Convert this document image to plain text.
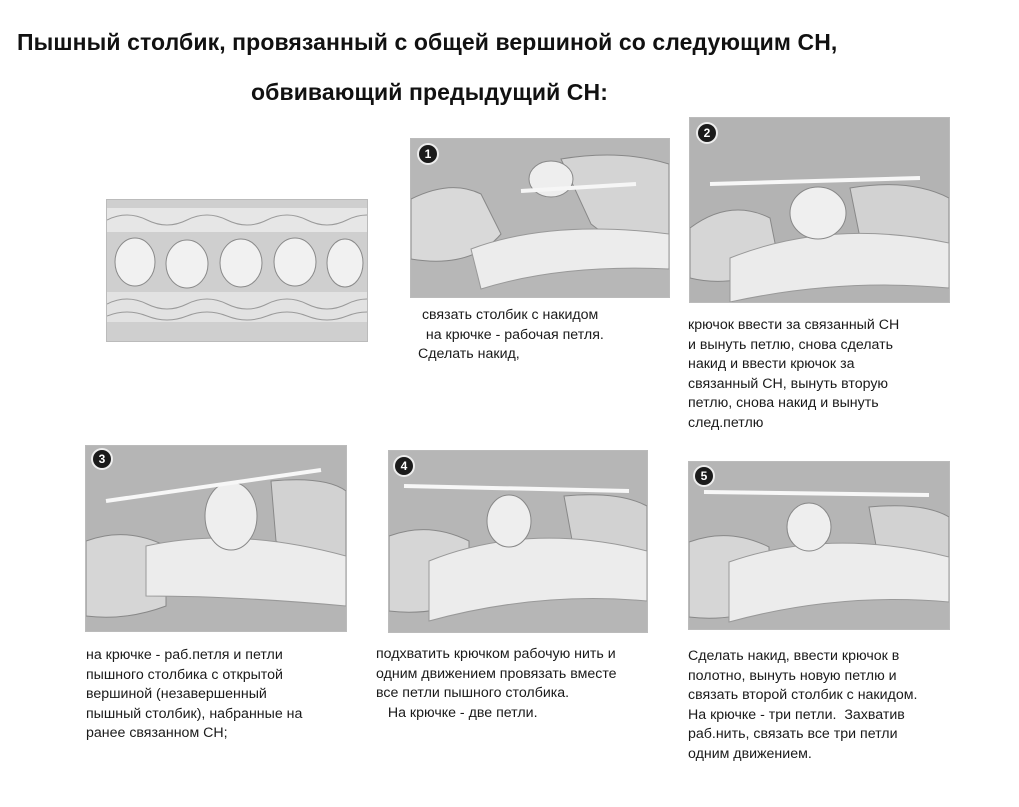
Пышный столбик, провязанный с общей вершиной со следующим СН,
обвивающий предыдущий СН:
1
2
3	4
5
связать столбик с накидом
на крючке - рабочая петля.
Сделать накид,
крючок ввести за связанный СН
и вынуть петлю, снова сделать
накид и ввести крючок за
связанный СН, вынуть вторую
петлю, снова накид и вынуть
след.петлю
на крючке - раб.петля и петли
пышного столбика с открытой
вершиной (незавершенный
пышный столбик), набранные на
ранее связанном СН;
подхватить крючком рабочую нить и
одним движением провязать вместе
все петли пышного столбика.
На крючке - две петли.
Сделать накид, ввести крючок в
полотно, вынуть новую петлю и
связать второй столбик с накидом.
На крючке - три петли.  Захватив
раб.нить, связать все три петли
одним движением.
